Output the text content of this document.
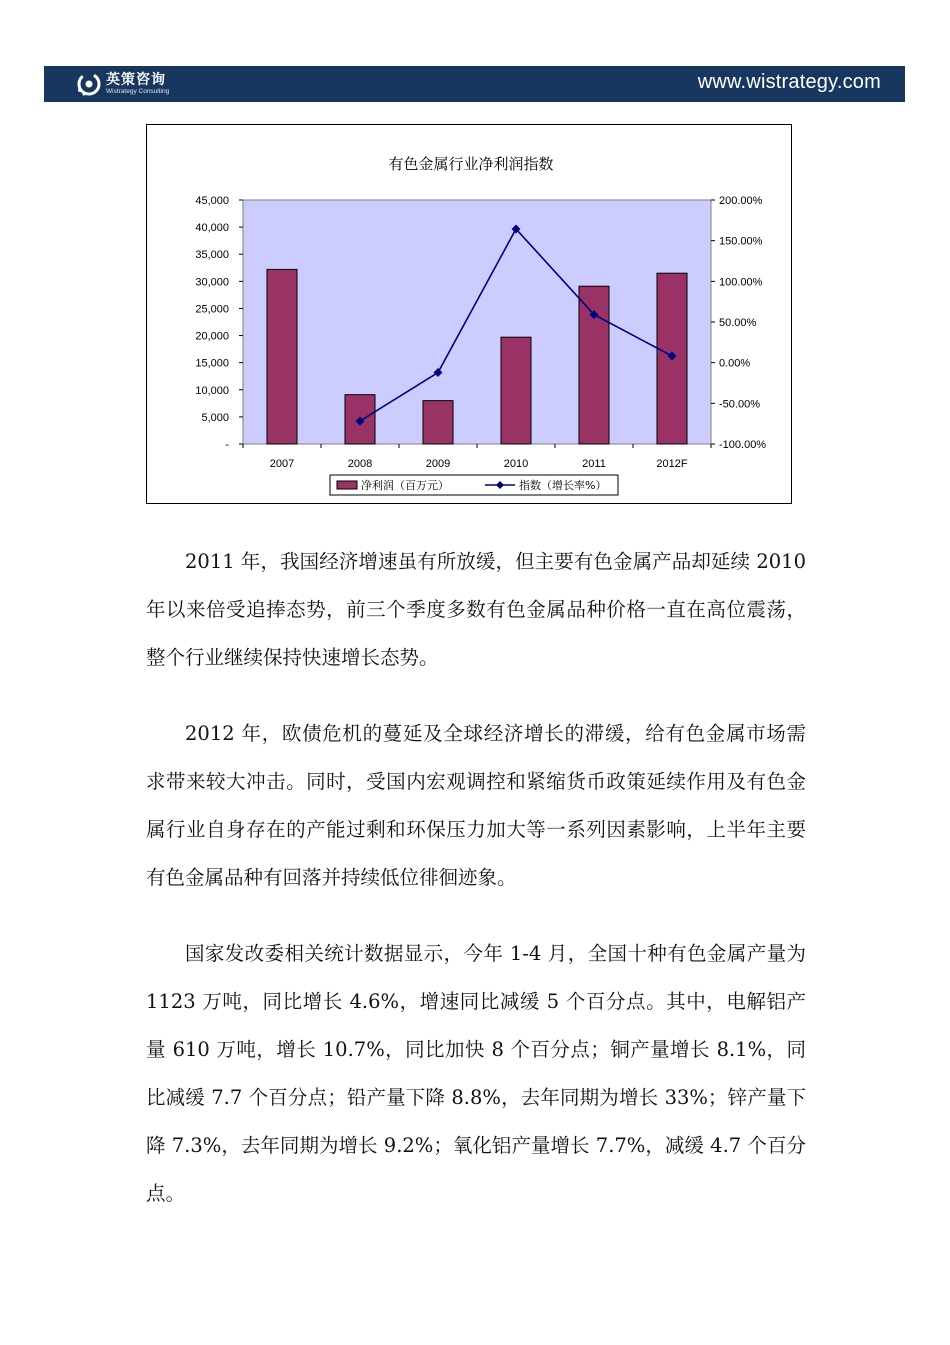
英策咨询
Wistrategy Consulting	www.wistrategy.com
有色金属行业净利润指数
-
5,000
10,000
15,000
20,000
25,000
30,000
35,000
40,000
45,000
-100.00%
-50.00%
0.00%
50.00%
100.00%
150.00%
200.00%
2007	2008	2009	2010	2011	2012F
净利润（百万元）	指数（增长率%）

2011 年，我国经济增速虽有所放缓，但主要有色金属产品却延续 2010 年以来倍受追捧态势，前三个季度多数有色金属品种价格一直在高位震荡，整个行业继续保持快速增长态势。

2012 年，欧债危机的蔓延及全球经济增长的滞缓，给有色金属市场需求带来较大冲击。同时，受国内宏观调控和紧缩货币政策延续作用及有色金属行业自身存在的产能过剩和环保压力加大等一系列因素影响，上半年主要有色金属品种有回落并持续低位徘徊迹象。

国家发改委相关统计数据显示，今年 1-4 月，全国十种有色金属产量为 1123 万吨，同比增长 4.6%，增速同比减缓 5 个百分点。其中，电解铝产量 610 万吨，增长 10.7%，同比加快 8 个百分点；铜产量增长 8.1%，同比减缓 7.7 个百分点；铅产量下降 8.8%，去年同期为增长 33%；锌产量下降 7.3%，去年同期为增长 9.2%；氧化铝产量增长 7.7%，减缓 4.7 个百分点。
